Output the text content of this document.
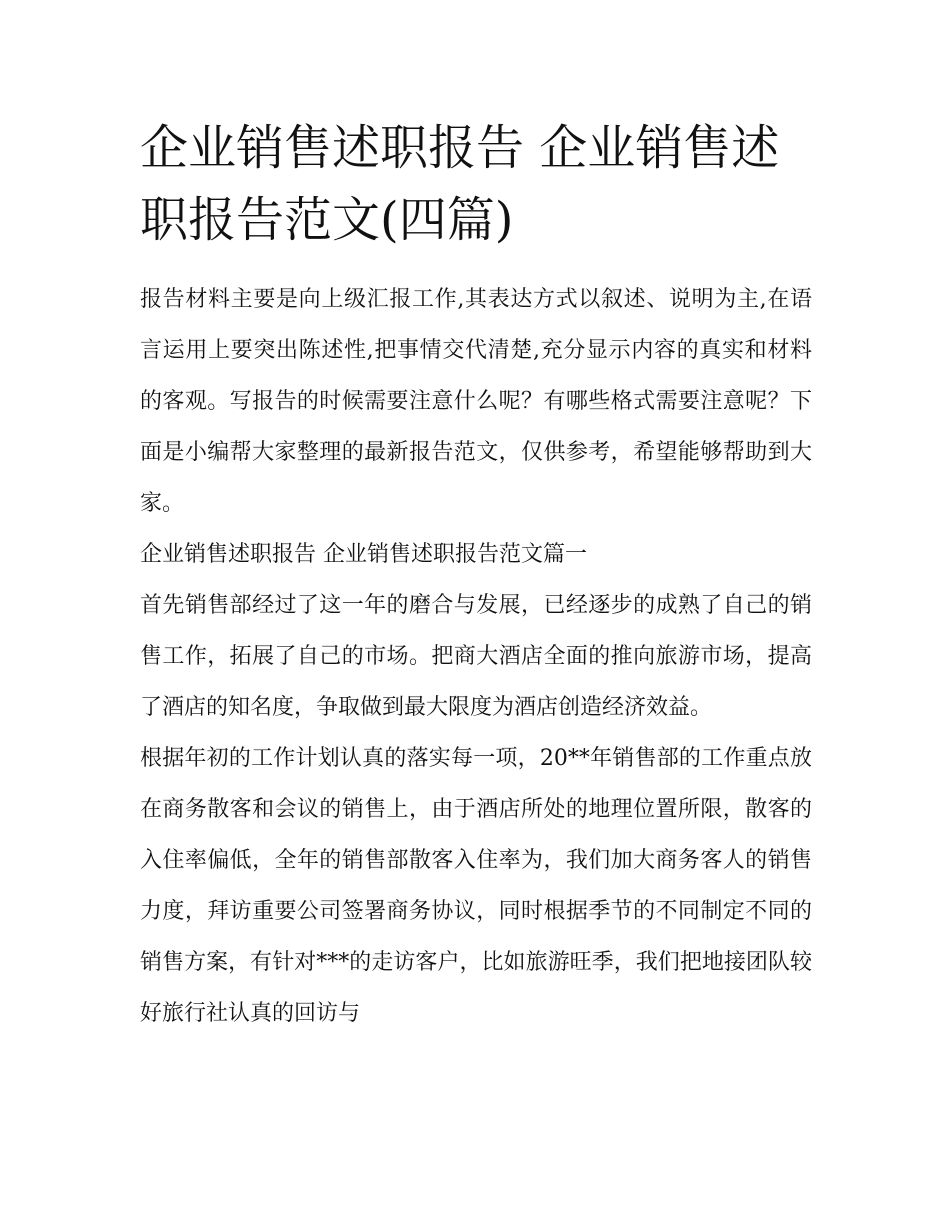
企业销售述职报告 企业销售述职报告范文(四篇)

报告材料主要是向上级汇报工作,其表达方式以叙述、说明为主,在语言运用上要突出陈述性,把事情交代清楚,充分显示内容的真实和材料的客观。写报告的时候需要注意什么呢？有哪些格式需要注意呢？下面是小编帮大家整理的最新报告范文，仅供参考，希望能够帮助到大家。

企业销售述职报告 企业销售述职报告范文篇一

首先销售部经过了这一年的磨合与发展，已经逐步的成熟了自己的销售工作，拓展了自己的市场。把商大酒店全面的推向旅游市场，提高了酒店的知名度，争取做到最大限度为酒店创造经济效益。

根据年初的工作计划认真的落实每一项，20**年销售部的工作重点放在商务散客和会议的销售上，由于酒店所处的地理位置所限，散客的入住率偏低，全年的销售部散客入住率为，我们加大商务客人的销售力度，拜访重要公司签署商务协议，同时根据季节的不同制定不同的销售方案，有针对***的走访客户，比如旅游旺季，我们把地接团队较好旅行社认真的回访与
